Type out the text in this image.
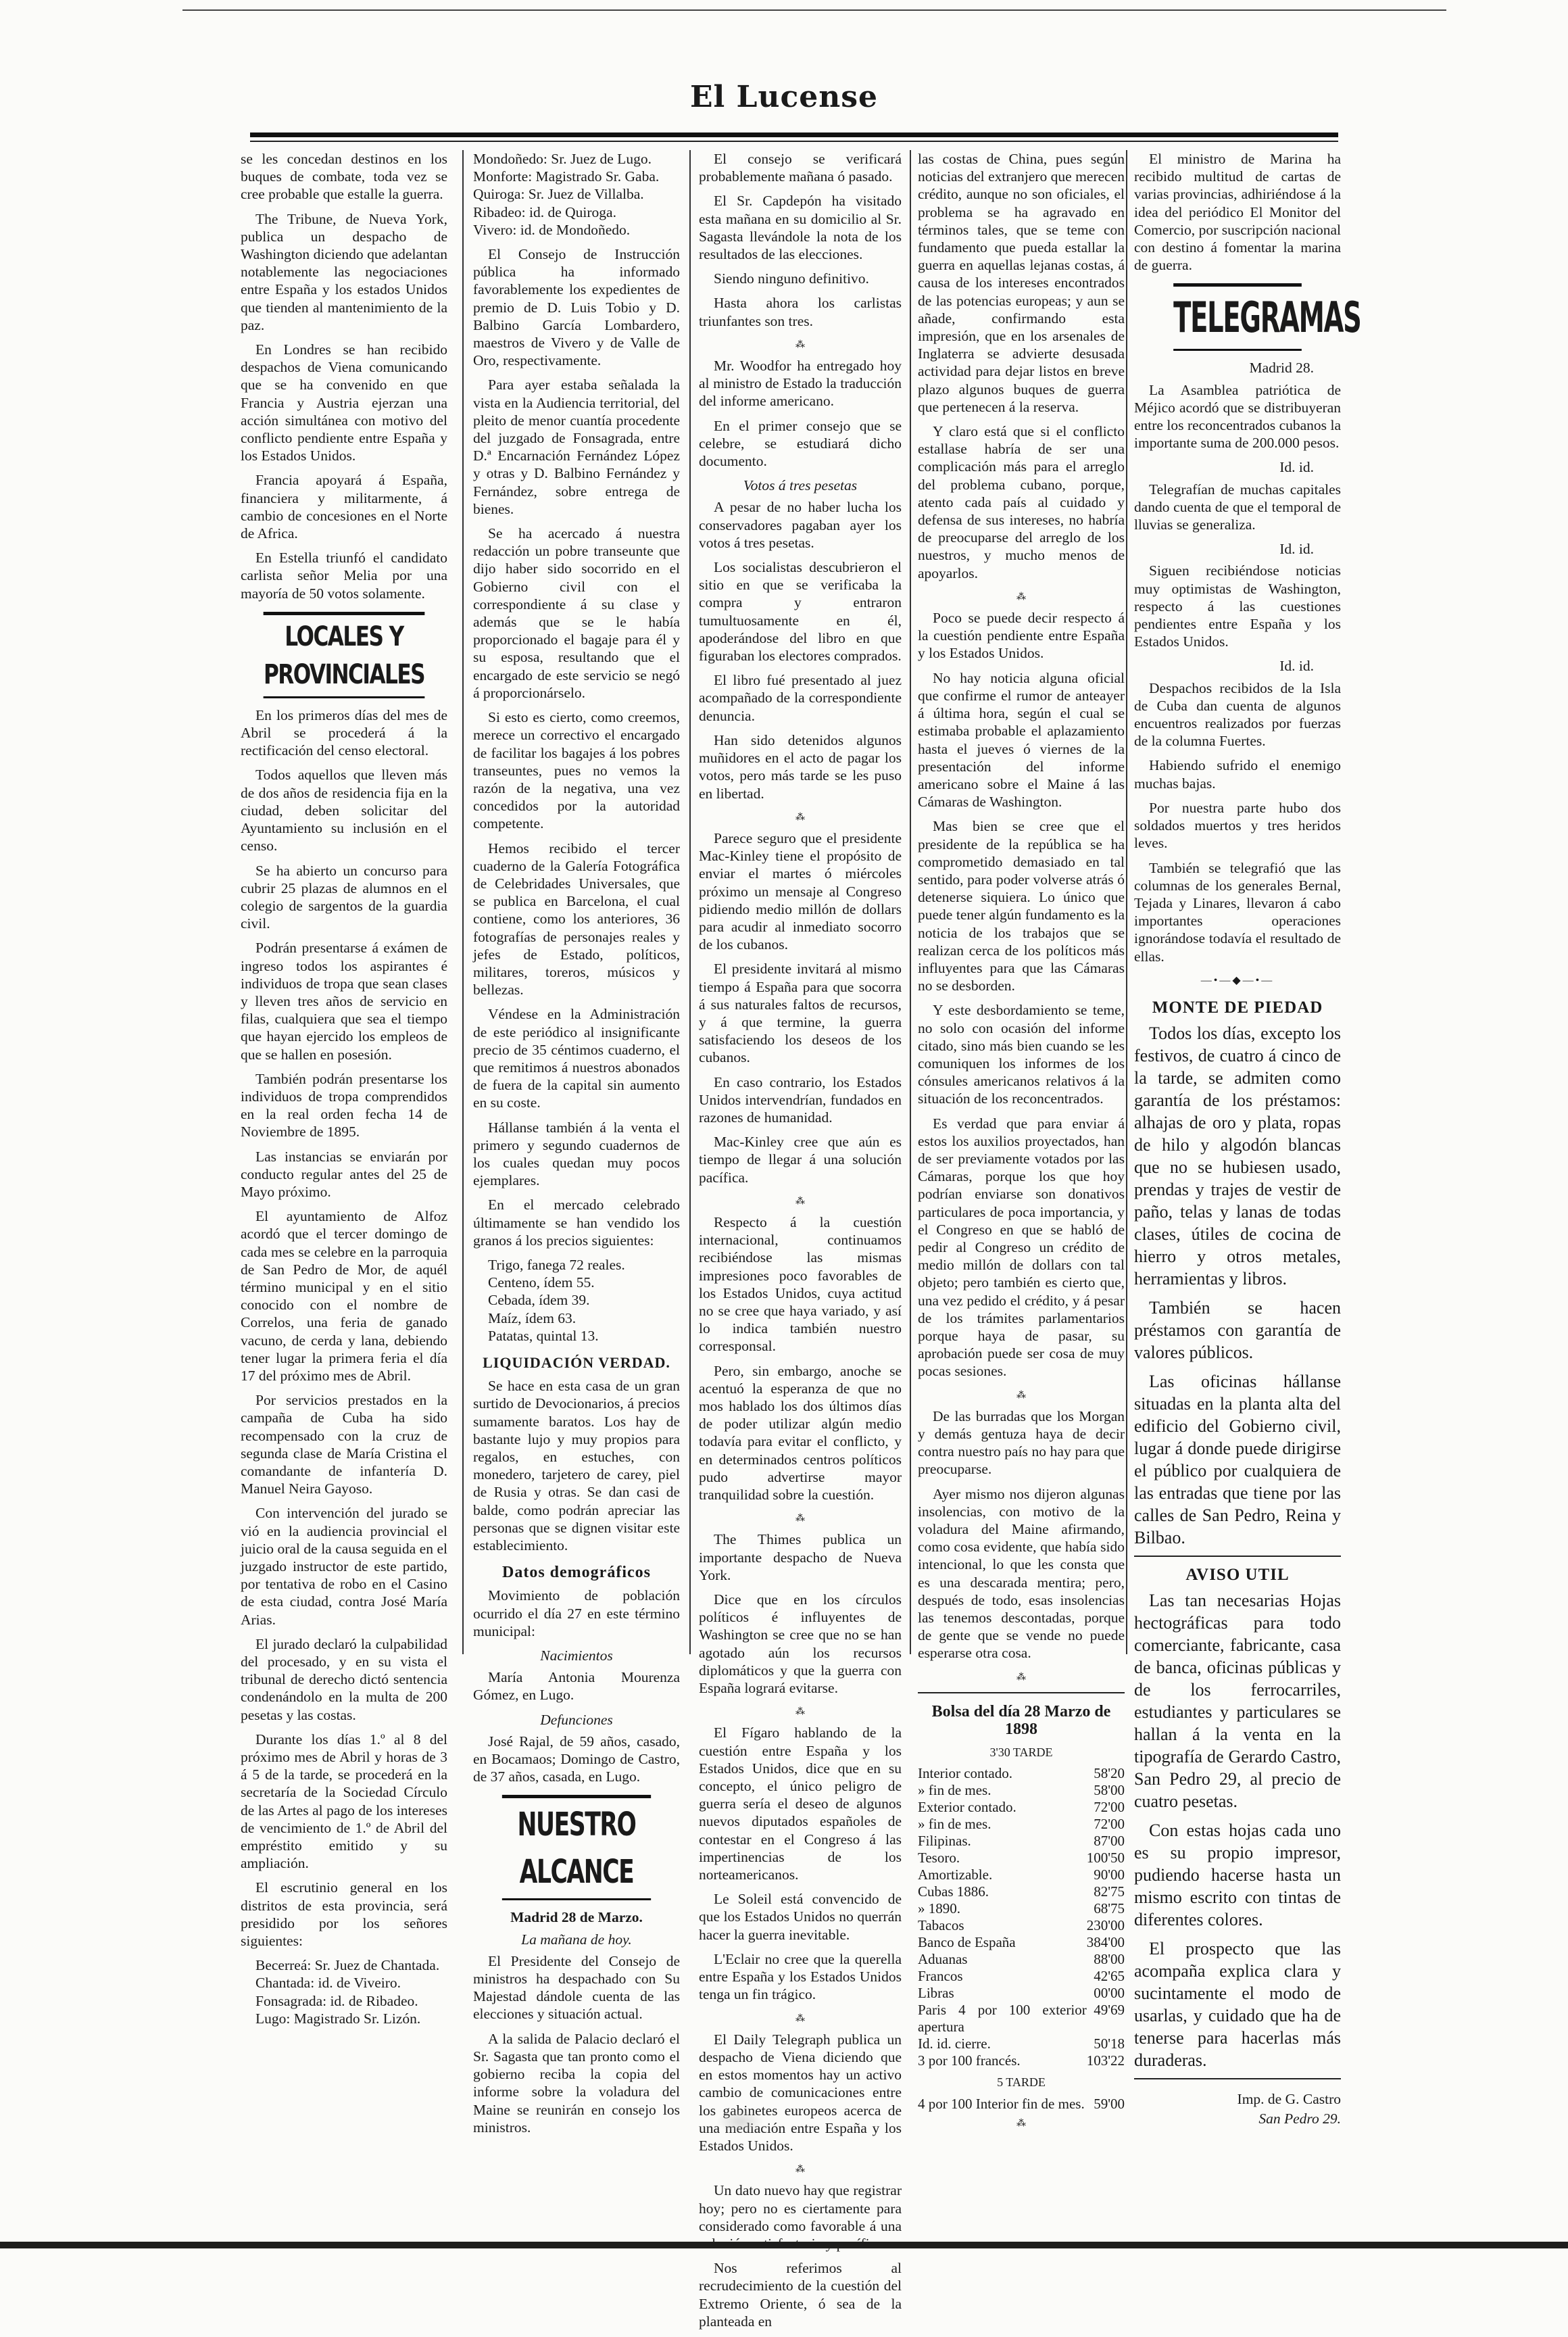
El Lucense

se les concedan destinos en los buques de combate, toda vez se cree probable que estalle la guerra.

The Tribune, de Nueva York, publica un despacho de Washington diciendo que adelantan notablemente las negociaciones entre España y los estados Unidos que tienden al mantenimiento de la paz.

En Londres se han recibido despachos de Viena comunicando que se ha convenido en que Francia y Austria ejerzan una acción simultánea con motivo del conflicto pendiente entre España y los Estados Unidos.

Francia apoyará á España, financiera y militarmente, á cambio de concesiones en el Norte de Africa.

En Estella triunfó el candidato carlista señor Melia por una mayoría de 50 votos solamente.

LOCALES Y PROVINCIALES

En los primeros días del mes de Abril se procederá á la rectificación del censo electoral.

Todos aquellos que lleven más de dos años de residencia fija en la ciudad, deben solicitar del Ayuntamiento su inclusión en el censo.

Se ha abierto un concurso para cubrir 25 plazas de alumnos en el colegio de sargentos de la guardia civil.

Podrán presentarse á exámen de ingreso todos los aspirantes é individuos de tropa que sean clases y lleven tres años de servicio en filas, cualquiera que sea el tiempo que hayan ejercido los empleos de que se hallen en posesión.

También podrán presentarse los individuos de tropa comprendidos en la real orden fecha 14 de Noviembre de 1895.

Las instancias se enviarán por conducto regular antes del 25 de Mayo próximo.

El ayuntamiento de Alfoz acordó que el tercer domingo de cada mes se celebre en la parroquia de San Pedro de Mor, de aquél término municipal y en el sitio conocido con el nombre de Correlos, una feria de ganado vacuno, de cerda y lana, debiendo tener lugar la primera feria el día 17 del próximo mes de Abril.

Por servicios prestados en la campaña de Cuba ha sido recompensado con la cruz de segunda clase de María Cristina el comandante de infantería D. Manuel Neira Gayoso.

Con intervención del jurado se vió en la audiencia provincial el juicio oral de la causa seguida en el juzgado instructor de este partido, por tentativa de robo en el Casino de esta ciudad, contra José María Arias.

El jurado declaró la culpabilidad del procesado, y en su vista el tribunal de derecho dictó sentencia condenándolo en la multa de 200 pesetas y las costas.

Durante los días 1.º al 8 del próximo mes de Abril y horas de 3 á 5 de la tarde, se procederá en la secretaría de la Sociedad Círculo de las Artes al pago de los intereses de vencimiento de 1.º de Abril del empréstito emitido y su ampliación.

El escrutinio general en los distritos de esta provincia, será presidido por los señores siguientes:

Becerreá: Sr. Juez de Chantada.

Chantada: id. de Viveiro.

Fonsagrada: id. de Ribadeo.

Lugo: Magistrado Sr. Lizón.

Mondoñedo: Sr. Juez de Lugo.

Monforte: Magistrado Sr. Gaba.

Quiroga: Sr. Juez de Villalba.

Ribadeo: id. de Quiroga.

Vivero: id. de Mondoñedo.

El Consejo de Instrucción pública ha informado favorablemente los expedientes de premio de D. Luis Tobio y D. Balbino García Lombardero, maestros de Vivero y de Valle de Oro, respectivamente.

Para ayer estaba señalada la vista en la Audiencia territorial, del pleito de menor cuantía procedente del juzgado de Fonsagrada, entre D.ª Encarnación Fernández López y otras y D. Balbino Fernández y Fernández, sobre entrega de bienes.

Se ha acercado á nuestra redacción un pobre transeunte que dijo haber sido socorrido en el Gobierno civil con el correspondiente á su clase y además que se le había proporcionado el bagaje para él y su esposa, resultando que el encargado de este servicio se negó á proporcionárselo.

Si esto es cierto, como creemos, merece un correctivo el encargado de facilitar los bagajes á los pobres transeuntes, pues no vemos la razón de la negativa, una vez concedidos por la autoridad competente.

Hemos recibido el tercer cuaderno de la Galería Fotográfica de Celebridades Universales, que se publica en Barcelona, el cual contiene, como los anteriores, 36 fotografías de personajes reales y jefes de Estado, políticos, militares, toreros, músicos y bellezas.

Véndese en la Administración de este periódico al insignificante precio de 35 céntimos cuaderno, el que remitimos á nuestros abonados de fuera de la capital sin aumento en su coste.

Hállanse también á la venta el primero y segundo cuadernos de los cuales quedan muy pocos ejemplares.

En el mercado celebrado últimamente se han vendido los granos á los precios siguientes:

Trigo, fanega 72 reales.

Centeno, ídem 55.

Cebada, ídem 39.

Maíz, ídem 63.

Patatas, quintal 13.

LIQUIDACIÓN VERDAD.

Se hace en esta casa de un gran surtido de Devocionarios, á precios sumamente baratos. Los hay de bastante lujo y muy propios para regalos, en estuches, con monedero, tarjetero de carey, piel de Rusia y otras. Se dan casi de balde, como podrán apreciar las personas que se dignen visitar este establecimiento.

Datos demográficos

Movimiento de población ocurrido el día 27 en este término municipal:

Nacimientos

María Antonia Mourenza Gómez, en Lugo.

Defunciones

José Rajal, de 59 años, casado, en Bocamaos; Domingo de Castro, de 37 años, casada, en Lugo.

NUESTRO ALCANCE
Madrid 28 de Marzo.
La mañana de hoy.

El Presidente del Consejo de ministros ha despachado con Su Majestad dándole cuenta de las elecciones y situación actual.

A la salida de Palacio declaró el Sr. Sagasta que tan pronto como el gobierno reciba la copia del informe sobre la voladura del Maine se reunirán en consejo los ministros.

El consejo se verificará probablemente mañana ó pasado.

El Sr. Capdepón ha visitado esta mañana en su domicilio al Sr. Sagasta llevándole la nota de los resultados de las elecciones.

Siendo ninguno definitivo.

Hasta ahora los carlistas triunfantes son tres.

⁂

Mr. Woodfor ha entregado hoy al ministro de Estado la traducción del informe americano.

En el primer consejo que se celebre, se estudiará dicho documento.

Votos á tres pesetas

A pesar de no haber lucha los conservadores pagaban ayer los votos á tres pesetas.

Los socialistas descubrieron el sitio en que se verificaba la compra y entraron tumultuosamente en él, apoderándose del libro en que figuraban los electores comprados.

El libro fué presentado al juez acompañado de la correspondiente denuncia.

Han sido detenidos algunos muñidores en el acto de pagar los votos, pero más tarde se les puso en libertad.

⁂

Parece seguro que el presidente Mac-Kinley tiene el propósito de enviar el martes ó miércoles próximo un mensaje al Congreso pidiendo medio millón de dollars para acudir al inmediato socorro de los cubanos.

El presidente invitará al mismo tiempo á España para que socorra á sus naturales faltos de recursos, y á que termine, la guerra satisfaciendo los deseos de los cubanos.

En caso contrario, los Estados Unidos intervendrían, fundados en razones de humanidad.

Mac-Kinley cree que aún es tiempo de llegar á una solución pacífica.

⁂

Respecto á la cuestión internacional, continuamos recibiéndose las mismas impresiones poco favorables de los Estados Unidos, cuya actitud no se cree que haya variado, y así lo indica también nuestro corresponsal.

Pero, sin embargo, anoche se acentuó la esperanza de que no mos hablado los dos últimos días de poder utilizar algún medio todavía para evitar el conflicto, y en determinados centros políticos pudo advertirse mayor tranquilidad sobre la cuestión.

⁂

The Thimes publica un importante despacho de Nueva York.

Dice que en los círculos políticos é influyentes de Washington se cree que no se han agotado aún los recursos diplomáticos y que la guerra con España logrará evitarse.

⁂

El Fígaro hablando de la cuestión entre España y los Estados Unidos, dice que en su concepto, el único peligro de guerra sería el deseo de algunos nuevos diputados españoles de contestar en el Congreso á las impertinencias de los norteamericanos.

Le Soleil está convencido de que los Estados Unidos no querrán hacer la guerra inevitable.

L'Eclair no cree que la querella entre España y los Estados Unidos tenga un fin trágico.

⁂

El Daily Telegraph publica un despacho de Viena diciendo que en estos momentos hay un activo cambio de comunicaciones entre los gabinetes europeos acerca de una mediación entre España y los Estados Unidos.

⁂

Un dato nuevo hay que registrar hoy; pero no es ciertamente para considerado como favorable á una

Nos referimos al recrudecimiento de la cuestión del Extremo Oriente, ó sea de la planteada en

las costas de China, pues según noticias del extranjero que merecen crédito, aunque no son oficiales, el problema se ha agravado en términos tales, que se teme con fundamento que pueda estallar la guerra en aquellas lejanas costas, á causa de los intereses encontrados de las potencias europeas; y aun se añade, confirmando esta impresión, que en los arsenales de Inglaterra se advierte desusada actividad para dejar listos en breve plazo algunos buques de guerra que pertenecen á la reserva.

Y claro está que si el conflicto estallase habría de ser una complicación más para el arreglo del problema cubano, porque, atento cada país al cuidado y defensa de sus intereses, no habría de preocuparse del arreglo de los nuestros, y mucho menos de apoyarlos.

⁂

Poco se puede decir respecto á la cuestión pendiente entre España y los Estados Unidos.

No hay noticia alguna oficial que confirme el rumor de anteayer á última hora, según el cual se estimaba probable el aplazamiento hasta el jueves ó viernes de la presentación del informe americano sobre el Maine á las Cámaras de Washington.

Mas bien se cree que el presidente de la república se ha comprometido demasiado en tal sentido, para poder volverse atrás ó detenerse siquiera. Lo único que puede tener algún fundamento es la noticia de los trabajos que se realizan cerca de los políticos más influyentes para que las Cámaras no se desborden.

Y este desbordamiento se teme, no solo con ocasión del informe citado, sino más bien cuando se les comuniquen los informes de los cónsules americanos relativos á la situación de los reconcentrados.

Es verdad que para enviar á estos los auxilios proyectados, han de ser previamente votados por las Cámaras, porque los que hoy podrían enviarse son donativos particulares de poca importancia, y el Congreso en que se habló de pedir al Congreso un crédito de medio millón de dollars con tal objeto; pero también es cierto que, una vez pedido el crédito, y á pesar de los trámites parlamentarios porque haya de pasar, su aprobación puede ser cosa de muy pocas sesiones.

⁂

De las burradas que los Morgan y demás gentuza haya de decir contra nuestro país no hay para que preocuparse.

Ayer mismo nos dijeron algunas insolencias, con motivo de la voladura del Maine afirmando, como cosa evidente, que había sido intencional, lo que les consta que es una descarada mentira; pero, después de todo, esas insolencias las tenemos descontadas, porque de gente que se vende no puede esperarse otra cosa.

⁂
Bolsa del día 28 Marzo de 1898
3'30 TARDE
Interior contado.	58'20
» fin de mes.	58'00
Exterior contado.	72'00
» fin de mes.	72'00
Filipinas.	87'00
Tesoro.	100'50
Amortizable.	90'00
Cubas 1886.	82'75
» 1890.	68'75
Tabacos	230'00
Banco de España	384'00
Aduanas	88'00
Francos	42'65
Libras	00'00
Paris 4 por 100 exterior apertura	49'69
Id. id. cierre.	50'18
3 por 100 francés.	103'22
5 TARDE
4 por 100 Interior fin de mes.	59'00
⁂

El ministro de Marina ha recibido multitud de cartas de varias provincias, adhiriéndose á la idea del periódico El Monitor del Comercio, por suscripción nacional con destino á fomentar la marina de guerra.

TELEGRAMAS
Madrid 28.

La Asamblea patriótica de Méjico acordó que se distribuyeran entre los reconcentrados cubanos la importante suma de 200.000 pesos.

Id. id.

Telegrafían de muchas capitales dando cuenta de que el temporal de lluvias se generaliza.

Id. id.

Siguen recibiéndose noticias muy optimistas de Washington, respecto á las cuestiones pendientes entre España y los Estados Unidos.

Id. id.

Despachos recibidos de la Isla de Cuba dan cuenta de algunos encuentros realizados por fuerzas de la columna Fuertes.

Habiendo sufrido el enemigo muchas bajas.

Por nuestra parte hubo dos soldados muertos y tres heridos leves.

También se telegrafió que las columnas de los generales Bernal, Tejada y Linares, llevaron á cabo importantes operaciones ignorándose todavía el resultado de ellas.

—•—◆—•—
MONTE DE PIEDAD

Todos los días, excepto los festivos, de cuatro á cinco de la tarde, se admiten como garantía de los préstamos: alhajas de oro y plata, ropas de hilo y algodón blancas que no se hubiesen usado, prendas y trajes de vestir de paño, telas y lanas de todas clases, útiles de cocina de hierro y otros metales, herramientas y libros.

También se hacen préstamos con garantía de valores públicos.

Las oficinas hállanse situadas en la planta alta del edificio del Gobierno civil, lugar á donde puede dirigirse el público por cualquiera de las entradas que tiene por las calles de San Pedro, Reina y Bilbao.

AVISO UTIL

Las tan necesarias Hojas hectográficas para todo comerciante, fabricante, casa de banca, oficinas públicas y de los ferrocarriles, estudiantes y particulares se hallan á la venta en la tipografía de Gerardo Castro, San Pedro 29, al precio de cuatro pesetas.

Con estas hojas cada uno es su propio impresor, pudiendo hacerse hasta un mismo escrito con tintas de diferentes colores.

El prospecto que las acompaña explica clara y sucintamente el modo de usarlas, y cuidado que ha de tenerse para hacerlas más duraderas.

Imp. de G. Castro
San Pedro 29.
